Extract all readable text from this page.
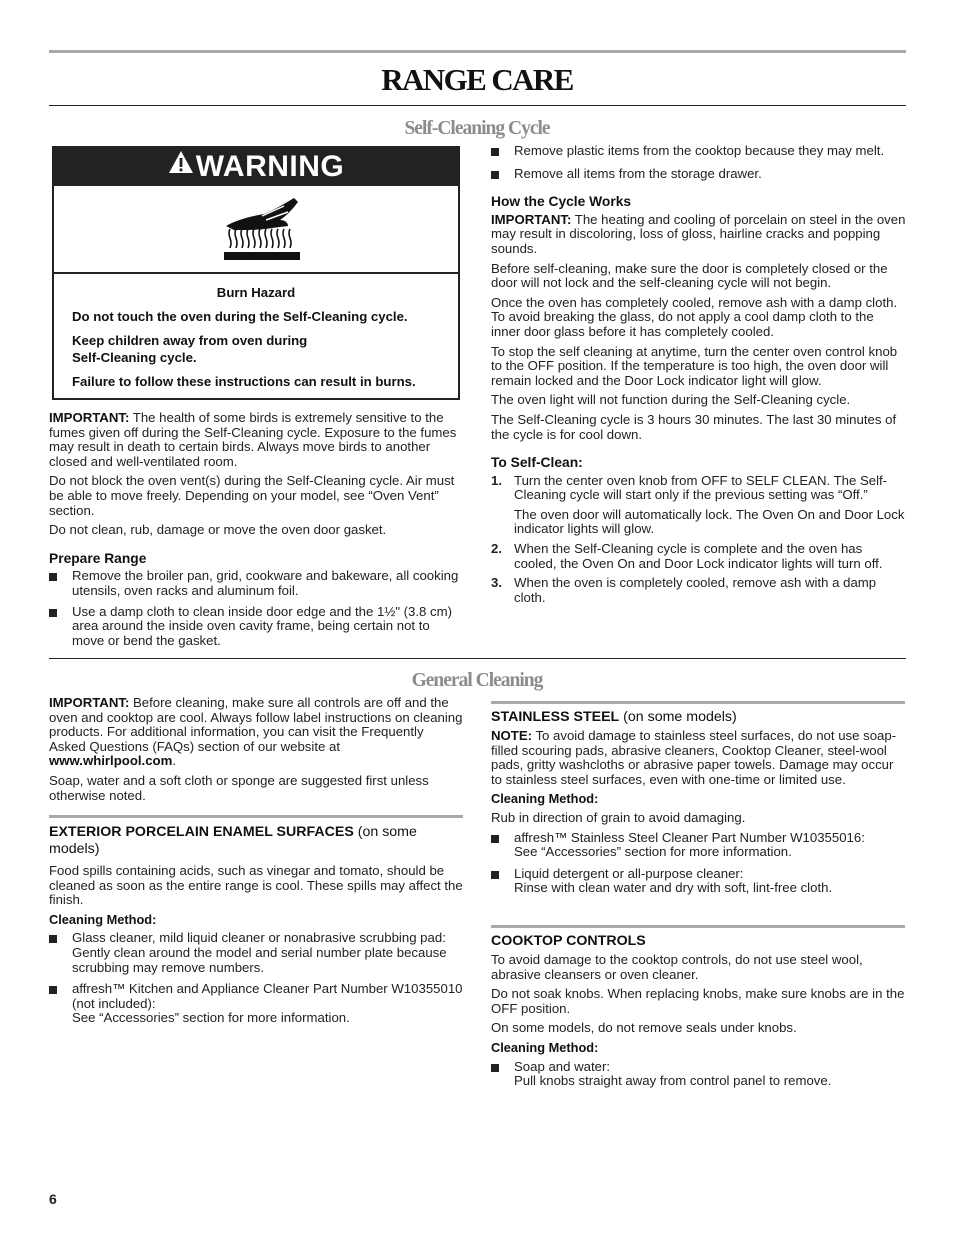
RANGE CARE
Self-Cleaning Cycle
WARNING

Burn Hazard

Do not touch the oven during the Self-Cleaning cycle.

Keep children away from oven during
Self-Cleaning cycle.

Failure to follow these instructions can result in burns.

IMPORTANT: The health of some birds is extremely sensitive to the fumes given off during the Self-Cleaning cycle. Exposure to the fumes may result in death to certain birds. Always move birds to another closed and well-ventilated room.

Do not block the oven vent(s) during the Self-Cleaning cycle. Air must be able to move freely. Depending on your model, see “Oven Vent” section.

Do not clean, rub, damage or move the oven door gasket.

Prepare Range
Remove the broiler pan, grid, cookware and bakeware, all cooking utensils, oven racks and aluminum foil.
Use a damp cloth to clean inside door edge and the 1½" (3.8 cm) area around the inside oven cavity frame, being certain not to move or bend the gasket.
Remove plastic items from the cooktop because they may melt.
Remove all items from the storage drawer.
How the Cycle Works

IMPORTANT: The heating and cooling of porcelain on steel in the oven may result in discoloring, loss of gloss, hairline cracks and popping sounds.

Before self-cleaning, make sure the door is completely closed or the door will not lock and the self-cleaning cycle will not begin.

Once the oven has completely cooled, remove ash with a damp cloth. To avoid breaking the glass, do not apply a cool damp cloth to the inner door glass before it has completely cooled.

To stop the self cleaning at anytime, turn the center oven control knob to the OFF position. If the temperature is too high, the oven door will remain locked and the Door Lock indicator light will glow.

The oven light will not function during the Self-Cleaning cycle.

The Self-Cleaning cycle is 3 hours 30 minutes. The last 30 minutes of the cycle is for cool down.

To Self-Clean:
1. Turn the center oven knob from OFF to SELF CLEAN. The Self-Cleaning cycle will start only if the previous setting was “Off.”
The oven door will automatically lock. The Oven On and Door Lock indicator lights will glow.
2. When the Self-Cleaning cycle is complete and the oven has cooled, the Oven On and Door Lock indicator lights will turn off.
3. When the oven is completely cooled, remove ash with a damp cloth.
General Cleaning

IMPORTANT: Before cleaning, make sure all controls are off and the oven and cooktop are cool. Always follow label instructions on cleaning products. For additional information, you can visit the Frequently Asked Questions (FAQs) section of our website at www.whirlpool.com.

Soap, water and a soft cloth or sponge are suggested first unless otherwise noted.

EXTERIOR PORCELAIN ENAMEL SURFACES (on some models)

Food spills containing acids, such as vinegar and tomato, should be cleaned as soon as the entire range is cool. These spills may affect the finish.

Cleaning Method:
Glass cleaner, mild liquid cleaner or nonabrasive scrubbing pad:
Gently clean around the model and serial number plate because scrubbing may remove numbers.
affresh™ Kitchen and Appliance Cleaner Part Number W10355010 (not included):
See “Accessories” section for more information.
STAINLESS STEEL (on some models)

NOTE: To avoid damage to stainless steel surfaces, do not use soap-filled scouring pads, abrasive cleaners, Cooktop Cleaner, steel-wool pads, gritty washcloths or abrasive paper towels. Damage may occur to stainless steel surfaces, even with one-time or limited use.

Cleaning Method:

Rub in direction of grain to avoid damaging.

affresh™ Stainless Steel Cleaner Part Number W10355016:
See “Accessories” section for more information.
Liquid detergent or all-purpose cleaner:
Rinse with clean water and dry with soft, lint-free cloth.
COOKTOP CONTROLS

To avoid damage to the cooktop controls, do not use steel wool, abrasive cleansers or oven cleaner.

Do not soak knobs. When replacing knobs, make sure knobs are in the OFF position.

On some models, do not remove seals under knobs.

Cleaning Method:
Soap and water:
Pull knobs straight away from control panel to remove.
6
